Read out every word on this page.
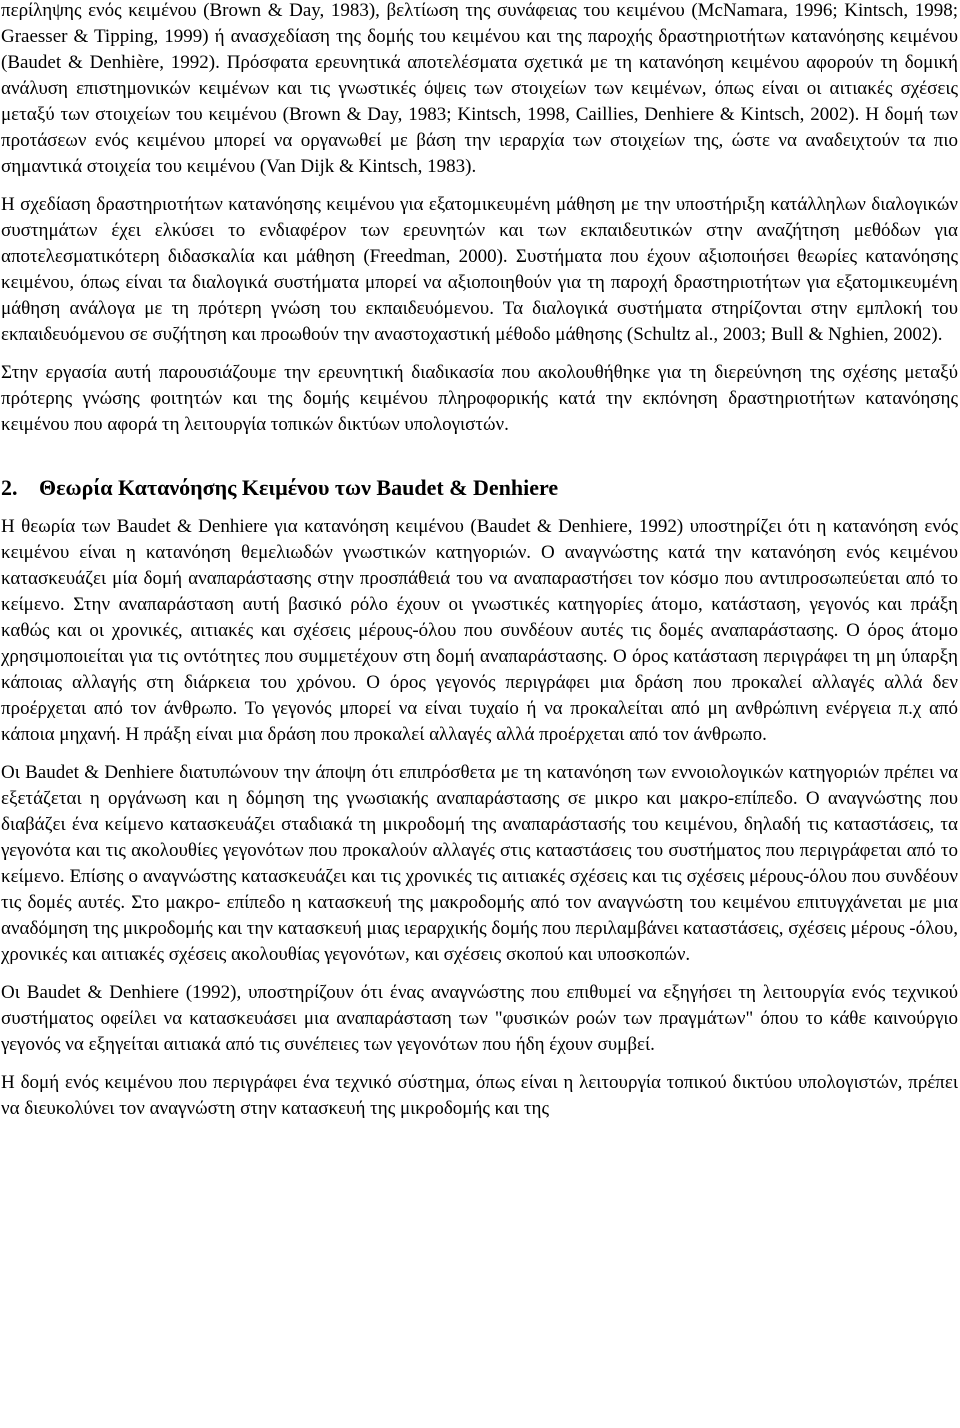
περίληψης ενός κειμένου (Brown & Day, 1983), βελτίωση της συνάφειας του κειμένου (McNamara, 1996; Kintsch, 1998; Graesser & Tipping, 1999) ή ανασχεδίαση της δομής του κειμένου και της παροχής δραστηριοτήτων κατανόησης κειμένου (Baudet & Denhière, 1992). Πρόσφατα ερευνητικά αποτελέσματα σχετικά με τη κατανόηση κειμένου αφορούν τη δομική ανάλυση επιστημονικών κειμένων και τις γνωστικές όψεις των στοιχείων των κειμένων, όπως είναι οι αιτιακές σχέσεις μεταξύ των στοιχείων του κειμένου (Brown & Day, 1983; Kintsch, 1998, Caillies, Denhiere & Kintsch, 2002). Η δομή των προτάσεων ενός κειμένου μπορεί να οργανωθεί με βάση την ιεραρχία των στοιχείων της, ώστε να αναδειχτούν τα πιο σημαντικά στοιχεία του κειμένου (Van Dijk & Kintsch, 1983).

Η σχεδίαση δραστηριοτήτων κατανόησης κειμένου για εξατομικευμένη μάθηση με την υποστήριξη κατάλληλων διαλογικών συστημάτων έχει ελκύσει το ενδιαφέρον των ερευνητών και των εκπαιδευτικών στην αναζήτηση μεθόδων για αποτελεσματικότερη διδασκαλία και μάθηση (Freedman, 2000). Συστήματα που έχουν αξιοποιήσει θεωρίες κατανόησης κειμένου, όπως είναι τα διαλογικά συστήματα μπορεί να αξιοποιηθούν για τη παροχή δραστηριοτήτων για εξατομικευμένη μάθηση ανάλογα με τη πρότερη γνώση του εκπαιδευόμενου. Τα διαλογικά συστήματα στηρίζονται στην εμπλοκή του εκπαιδευόμενου σε συζήτηση και προωθούν την αναστοχαστική μέθοδο μάθησης (Schultz al., 2003; Bull & Nghien, 2002).

Στην εργασία αυτή παρουσιάζουμε την ερευνητική διαδικασία που ακολουθήθηκε για τη διερεύνηση της σχέσης μεταξύ πρότερης γνώσης φοιτητών και της δομής κειμένου πληροφορικής κατά την εκπόνηση δραστηριοτήτων κατανόησης κειμένου που αφορά τη λειτουργία τοπικών δικτύων υπολογιστών.

2. Θεωρία Κατανόησης Κειμένου των Baudet & Denhiere

Η θεωρία των Baudet & Denhiere για κατανόηση κειμένου (Baudet & Denhiere, 1992) υποστηρίζει ότι η κατανόηση ενός κειμένου είναι η κατανόηση θεμελιωδών γνωστικών κατηγοριών. Ο αναγνώστης κατά την κατανόηση ενός κειμένου κατασκευάζει μία δομή αναπαράστασης στην προσπάθειά του να αναπαραστήσει τον κόσμο που αντιπροσωπεύεται από το κείμενο. Στην αναπαράσταση αυτή βασικό ρόλο έχουν οι γνωστικές κατηγορίες άτομο, κατάσταση, γεγονός και πράξη καθώς και οι χρονικές, αιτιακές και σχέσεις μέρους-όλου που συνδέουν αυτές τις δομές αναπαράστασης. Ο όρος άτομο χρησιμοποιείται για τις οντότητες που συμμετέχουν στη δομή αναπαράστασης. Ο όρος κατάσταση περιγράφει τη μη ύπαρξη κάποιας αλλαγής στη διάρκεια του χρόνου. Ο όρος γεγονός περιγράφει μια δράση που προκαλεί αλλαγές αλλά δεν προέρχεται από τον άνθρωπο. Το γεγονός μπορεί να είναι τυχαίο ή να προκαλείται από μη ανθρώπινη ενέργεια π.χ από κάποια μηχανή. Η πράξη είναι μια δράση που προκαλεί αλλαγές αλλά προέρχεται από τον άνθρωπο.

Οι Baudet & Denhiere διατυπώνουν την άποψη ότι επιπρόσθετα με τη κατανόηση των εννοιολογικών κατηγοριών πρέπει να εξετάζεται η οργάνωση και η δόμηση της γνωσιακής αναπαράστασης σε μικρο και μακρο-επίπεδο. Ο αναγνώστης που διαβάζει ένα κείμενο κατασκευάζει σταδιακά τη μικροδομή της αναπαράστασής του κειμένου, δηλαδή τις καταστάσεις, τα γεγονότα και τις ακολουθίες γεγονότων που προκαλούν αλλαγές στις καταστάσεις του συστήματος που περιγράφεται από το κείμενο. Επίσης ο αναγνώστης κατασκευάζει και τις χρονικές τις αιτιακές σχέσεις και τις σχέσεις μέρους-όλου που συνδέουν τις δομές αυτές. Στο μακρο- επίπεδο η κατασκευή της μακροδομής από τον αναγνώστη του κειμένου επιτυγχάνεται με μια αναδόμηση της μικροδομής και την κατασκευή μιας ιεραρχικής δομής που περιλαμβάνει καταστάσεις, σχέσεις μέρους -όλου, χρονικές και αιτιακές σχέσεις ακολουθίας γεγονότων, και σχέσεις σκοπού και υποσκοπών.

Οι Baudet & Denhiere (1992), υποστηρίζουν ότι ένας αναγνώστης που επιθυμεί να εξηγήσει τη λειτουργία ενός τεχνικού συστήματος οφείλει να κατασκευάσει μια αναπαράσταση των "φυσικών ροών των πραγμάτων" όπου το κάθε καινούργιο γεγονός να εξηγείται αιτιακά από τις συνέπειες των γεγονότων που ήδη έχουν συμβεί.

Η δομή ενός κειμένου που περιγράφει ένα τεχνικό σύστημα, όπως είναι η λειτουργία τοπικού δικτύου υπολογιστών, πρέπει να διευκολύνει τον αναγνώστη στην κατασκευή της μικροδομής και της
